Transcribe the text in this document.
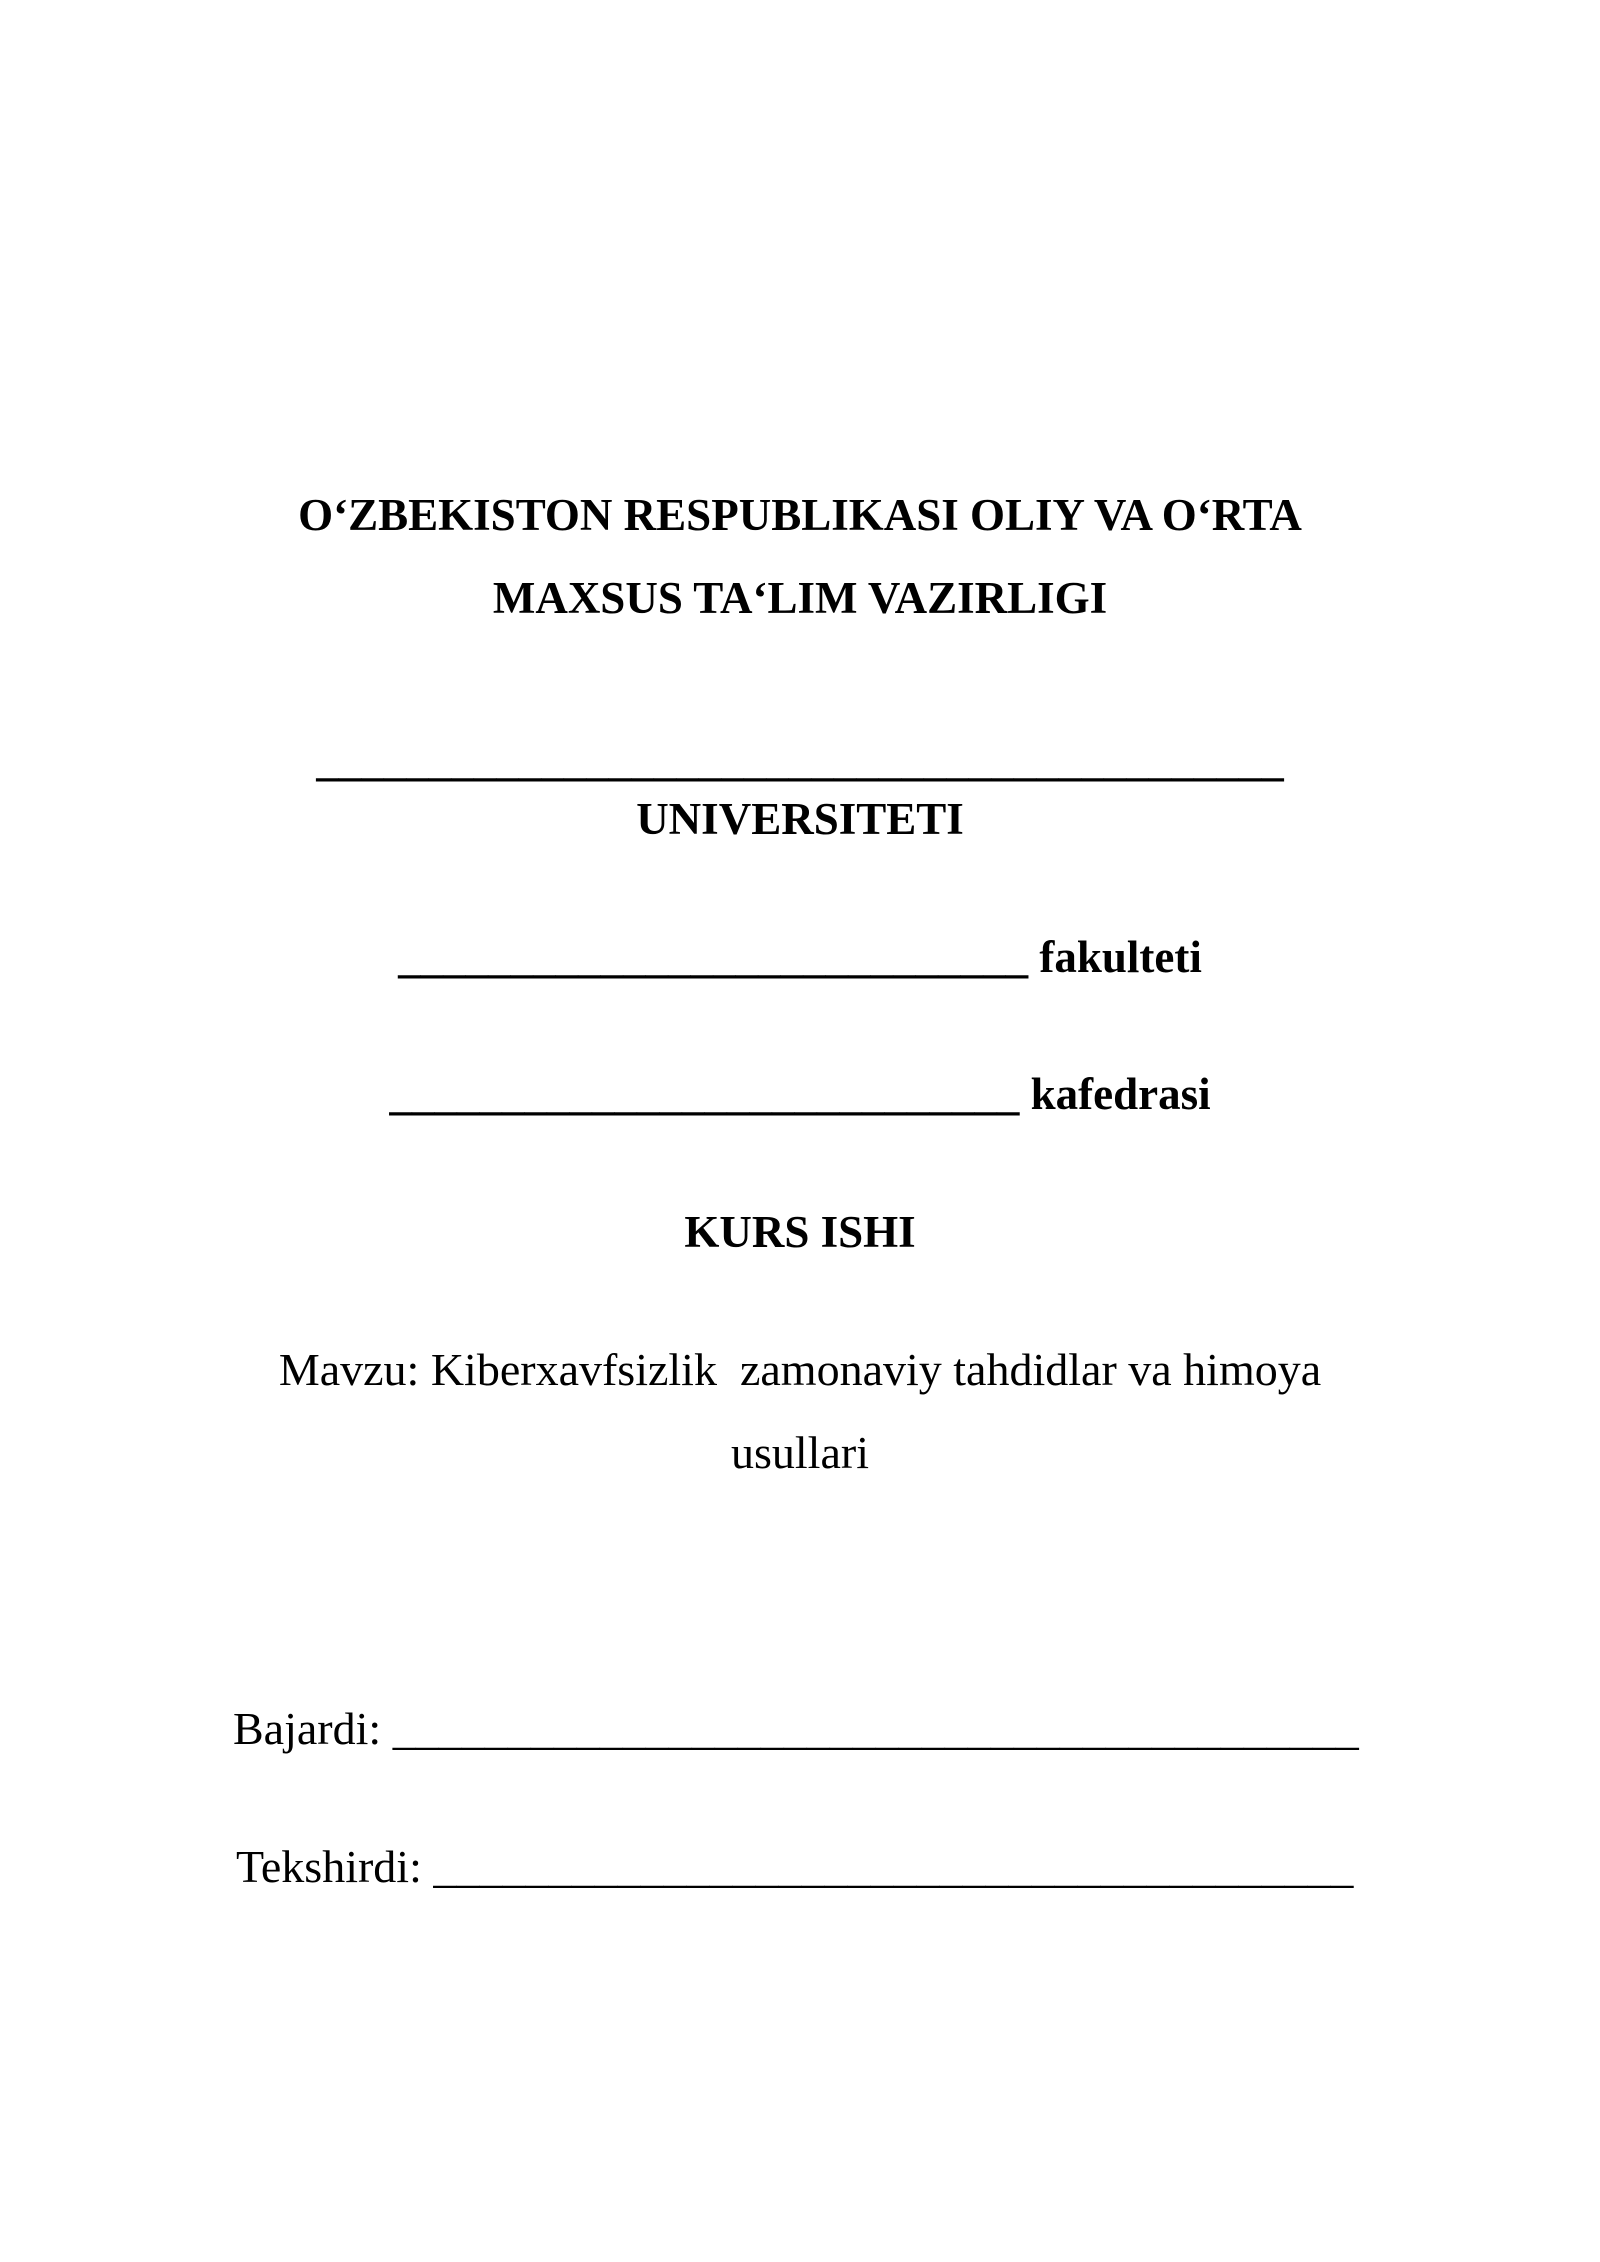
O‘ZBEKISTON RESPUBLIKASI OLIY VA O‘RTA
MAXSUS TA‘LIM VAZIRLIGI
___________________________________________
UNIVERSITETI
____________________________ fakulteti
____________________________ kafedrasi
KURS ISHI
Mavzu: Kiberxavfsizlik  zamonaviy tahdidlar va himoya
usullari
Bajardi: __________________________________________
Tekshirdi: ________________________________________
